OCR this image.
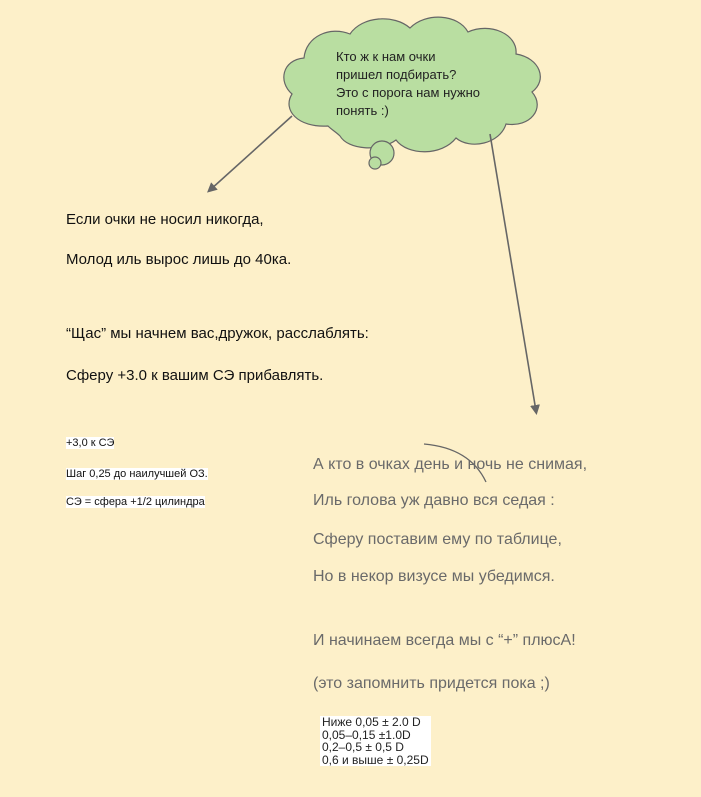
Кто ж к нам очки
пришел подбирать?
Это с порога нам нужно
понять :)
Если очки не носил никогда,
Молод иль вырос лишь до 40ка.
“Щас” мы начнем вас,дружок, расслаблять:
Сферу +3.0 к вашим СЭ прибавлять.
+3,0 к СЭ
Шаг 0,25 до наилучшей ОЗ.
СЭ = сфера +1/2 цилиндра
А кто в очках день и ночь не снимая,
Иль голова уж давно вся седая :
Сферу поставим ему по таблице,
Но в некор визусе мы убедимся.
И начинаем всегда мы с “+” плюсА!
(это запомнить придется пока ;)
Ниже 0,05 ± 2.0 D
0,05–0,15 ±1.0D
0,2–0,5 ± 0,5 D
0,6 и выше ± 0,25D
